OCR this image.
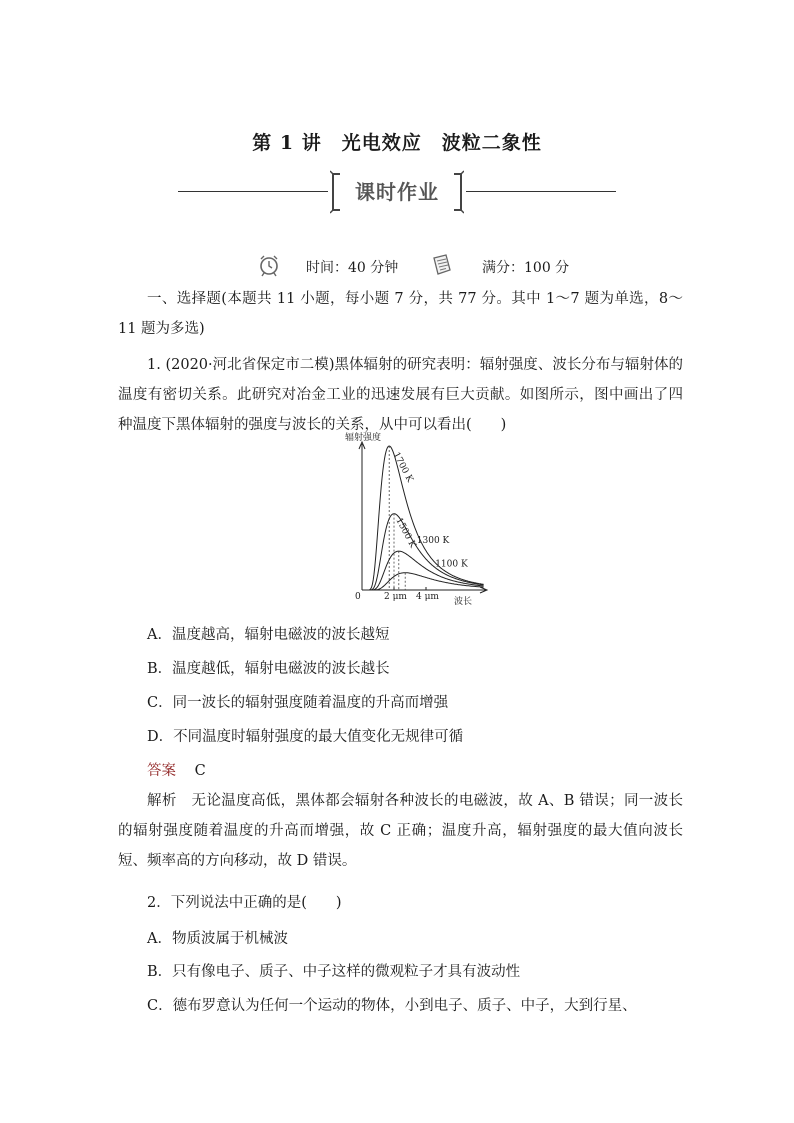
第 1 讲　光电效应　波粒二象性
课时作业
时间：40 分钟	满分：100 分
一、选择题(本题共 11 小题，每小题 7 分，共 77 分。其中 1～7 题为单选，8～11 题为多选)
1. (2020·河北省保定市二模)黑体辐射的研究表明：辐射强度、波长分布与辐射体的温度有密切关系。此研究对冶金工业的迅速发展有巨大贡献。如图所示，图中画出了四种温度下黑体辐射的强度与波长的关系，从中可以看出(　　)
辐射强度
0	波长
2 μm 4 μm
1700 K
1500 K 1300 K
1100 K
A．温度越高，辐射电磁波的波长越短
B．温度越低，辐射电磁波的波长越长
C．同一波长的辐射强度随着温度的升高而增强
D．不同温度时辐射强度的最大值变化无规律可循
答案 C
解析　无论温度高低，黑体都会辐射各种波长的电磁波，故 A、B 错误；同一波长的辐射强度随着温度的升高而增强，故 C 正确；温度升高，辐射强度的最大值向波长短、频率高的方向移动，故 D 错误。
2．下列说法中正确的是(　　)
A．物质波属于机械波
B．只有像电子、质子、中子这样的微观粒子才具有波动性
C．德布罗意认为任何一个运动的物体，小到电子、质子、中子，大到行星、
